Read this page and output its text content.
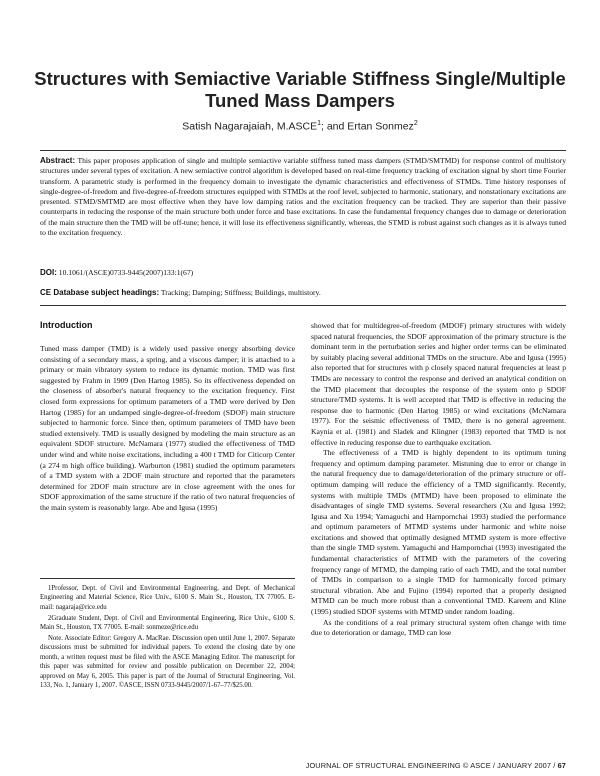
Structures with Semiactive Variable Stiffness Single/Multiple Tuned Mass Dampers
Satish Nagarajaiah, M.ASCE$^1$; and Ertan Sonmez$^2$
Abstract: This paper proposes application of single and multiple semiactive variable stiffness tuned mass dampers (STMD/SMTMD) for response control of multistory structures under several types of excitation. A new semiactive control algorithm is developed based on real-time frequency tracking of excitation signal by short time Fourier transform. A parametric study is performed in the frequency domain to investigate the dynamic characteristics and effectiveness of STMDs. Time history responses of single-degree-of-freedom and five-degree-of-freedom structures equipped with STMDs at the roof level, subjected to harmonic, stationary, and nonstationary excitations are presented. STMD/SMTMD are most effective when they have low damping ratios and the excitation frequency can be tracked. They are superior than their passive counterparts in reducing the response of the main structure both under force and base excitations. In case the fundamental frequency changes due to damage or deterioration of the main structure then the TMD will be off-tune; hence, it will lose its effectiveness significantly, whereas, the STMD is robust against such changes as it is always tuned to the excitation frequency.
DOI: 10.1061/(ASCE)0733-9445(2007)133:1(67)
CE Database subject headings: Tracking; Damping; Stiffness; Buildings, multistory.
Introduction

Tuned mass damper (TMD) is a widely used passive energy absorbing device consisting of a secondary mass, a spring, and a viscous damper; it is attached to a primary or main vibratory system to reduce its dynamic motion. TMD was first suggested by Frahm in 1909 (Den Hartog 1985). So its effectiveness depended on the closeness of absorber's natural frequency to the excitation frequency. First closed form expressions for optimum parameters of a TMD were derived by Den Hartog (1985) for an undamped single-degree-of-freedom (SDOF) main structure subjected to harmonic force. Since then, optimum parameters of TMD have been studied extensively. TMD is usually designed by modeling the main structure as an equivalent SDOF structure. McNamara (1977) studied the effectiveness of TMD under wind and white noise excitations, including a 400 t TMD for Citicorp Center (a 274 m high office building). Warburton (1981) studied the optimum parameters of a TMD system with a 2DOF main structure and reported that the parameters determined for 2DOF main structure are in close agreement with the ones for SDOF approximation of the same structure if the ratio of two natural frequencies of the main system is reasonably large. Abe and Igusa (1995)

showed that for multidegree-of-freedom (MDOF) primary structures with widely spaced natural frequencies, the SDOF approximation of the primary structure is the dominant term in the perturbation series and higher order terms can be eliminated by suitably placing several additional TMDs on the structure. Abe and Igusa (1995) also reported that for structures with p closely spaced natural frequencies at least p TMDs are necessary to control the response and derived an analytical condition on the TMD placement that decouples the response of the system onto p SDOF structure/TMD systems. It is well accepted that TMD is effective in reducing the response due to harmonic (Den Hartog 1985) or wind excitations (McNamara 1977). For the seismic effectiveness of TMD, there is no general agreement. Kaynia et al. (1981) and Sladek and Klingner (1983) reported that TMD is not effective in reducing response due to earthquake excitation.

The effectiveness of a TMD is highly dependent to its optimum tuning frequency and optimum damping parameter. Mistuning due to error or change in the natural frequency due to damage/deterioration of the primary structure or off-optimum damping will reduce the efficiency of a TMD significantly. Recently, systems with multiple TMDs (MTMD) have been proposed to eliminate the disadvantages of single TMD systems. Several researchers (Xu and Igusa 1992; Igusa and Xu 1994; Yamaguchi and Harnpornchai 1993) studied the performance and optimum parameters of MTMD systems under harmonic and white noise excitations and showed that optimally designed MTMD system is more effective than the single TMD system. Yamaguchi and Harnpornchai (1993) investigated the fundamental characteristics of MTMD with the parameters of the covering frequency range of MTMD, the damping ratio of each TMD, and the total number of TMDs in comparison to a single TMD for harmonically forced primary structural vibration. Abe and Fujino (1994) reported that a properly designed MTMD can be much more robust than a conventional TMD. Kareem and Kline (1995) studied SDOF systems with MTMD under random loading.

As the conditions of a real primary structural system often change with time due to deterioration or damage, TMD can lose

1Professor, Dept. of Civil and Environmental Engineering, and Dept. of Mechanical Engineering and Material Science, Rice Univ., 6100 S. Main St., Houston, TX 77005. E-mail: nagaraja@rice.edu

2Graduate Student, Dept. of Civil and Environmental Engineering, Rice Univ., 6100 S. Main St., Houston, TX 77005. E-mail: sonmeze@rice.edu

Note. Associate Editor: Gregory A. MacRae. Discussion open until June 1, 2007. Separate discussions must be submitted for individual papers. To extend the closing date by one month, a written request must be filed with the ASCE Managing Editor. The manuscript for this paper was submitted for review and possible publication on December 22, 2004; approved on May 6, 2005. This paper is part of the Journal of Structural Engineering, Vol. 133, No. 1, January 1, 2007. ©ASCE, ISSN 0733-9445/2007/1-67–77/$25.00.

JOURNAL OF STRUCTURAL ENGINEERING © ASCE / JANUARY 2007 / 67
